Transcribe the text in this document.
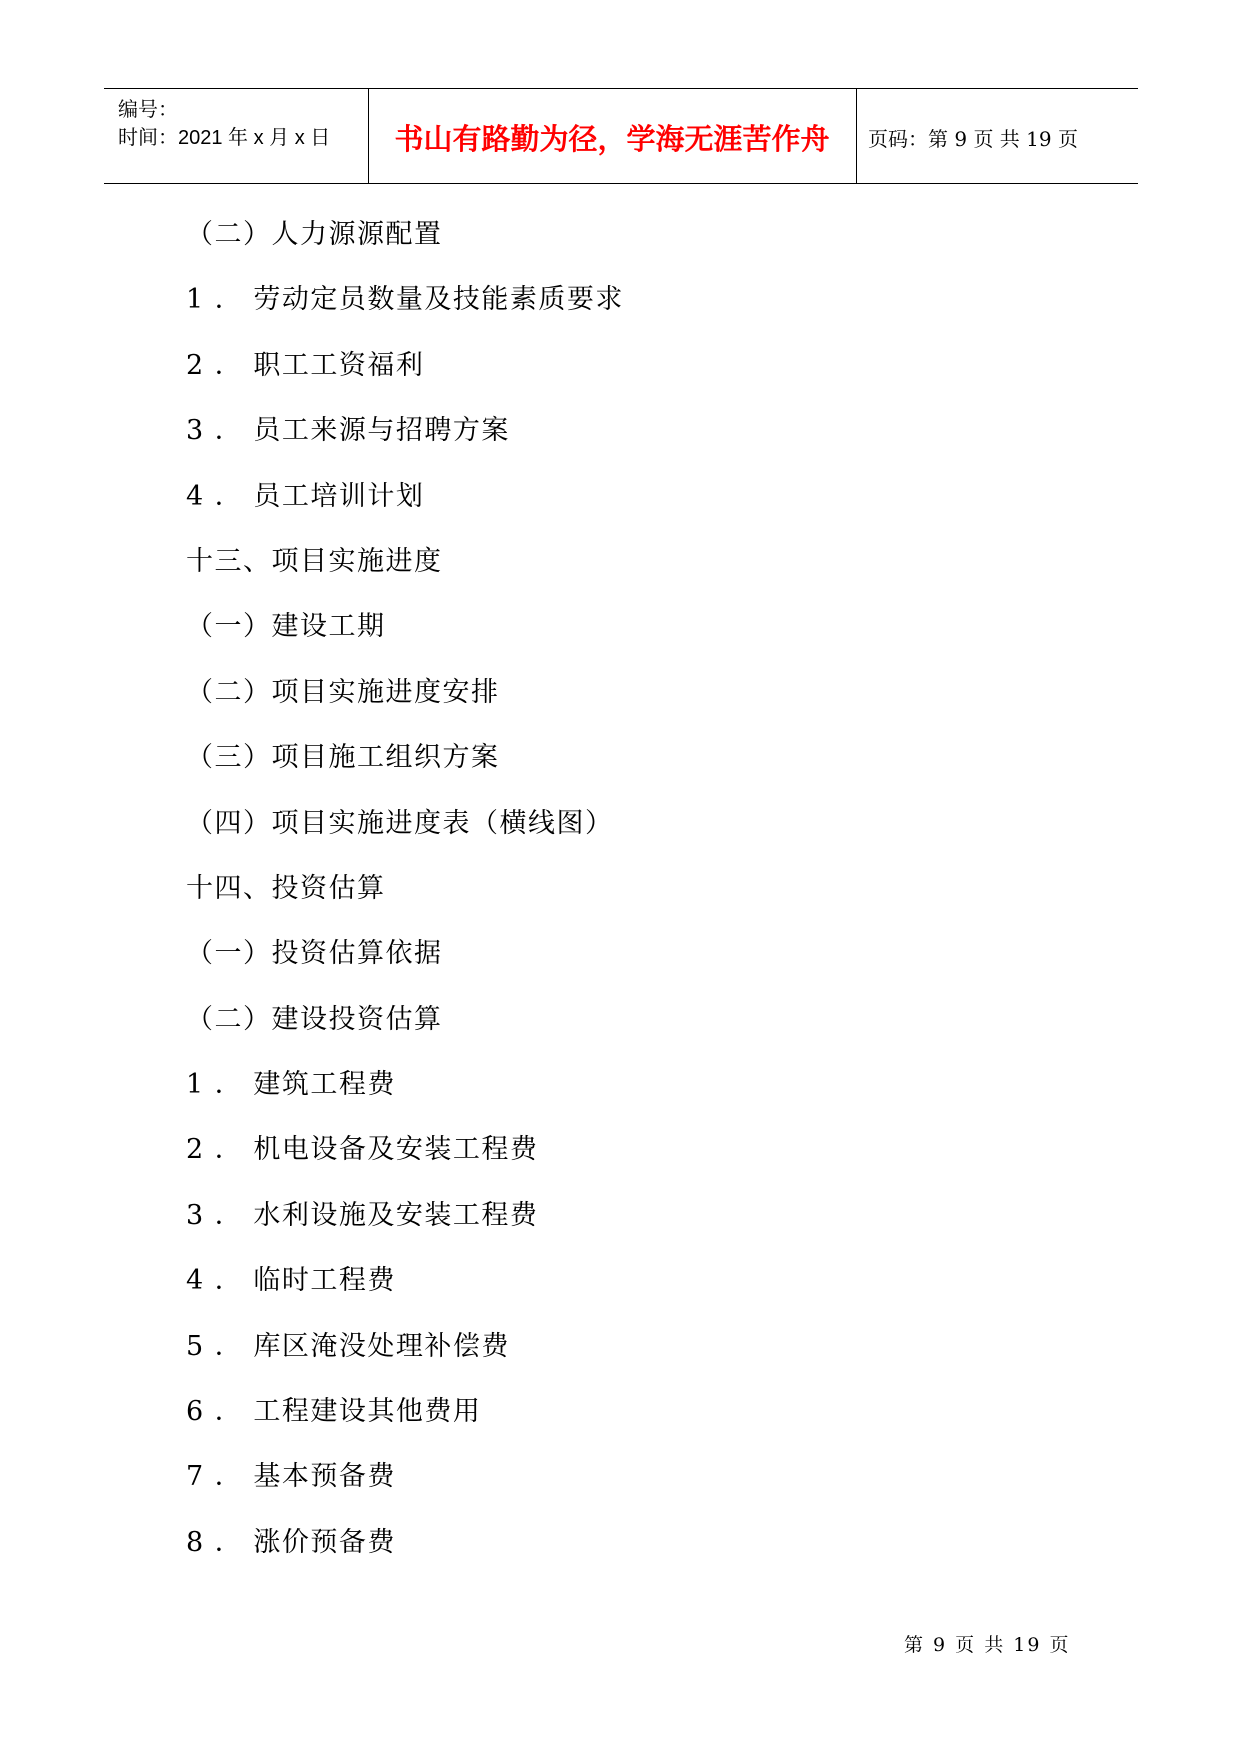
编号：
时间：2021 年 x 月 x 日	书山有路勤为径，学海无涯苦作舟	页码：第 9 页 共 19 页
（二）人力源源配置
1 ． 劳动定员数量及技能素质要求
2 ． 职工工资福利
3 ． 员工来源与招聘方案
4 ． 员工培训计划
十三、项目实施进度
（一）建设工期
（二）项目实施进度安排
（三）项目施工组织方案
（四）项目实施进度表（横线图）
十四、投资估算
（一）投资估算依据
（二）建设投资估算
1 ． 建筑工程费
2 ． 机电设备及安装工程费
3 ． 水利设施及安装工程费
4 ． 临时工程费
5 ． 库区淹没处理补偿费
6 ． 工程建设其他费用
7 ． 基本预备费
8 ． 涨价预备费
第 9 页 共 19 页
